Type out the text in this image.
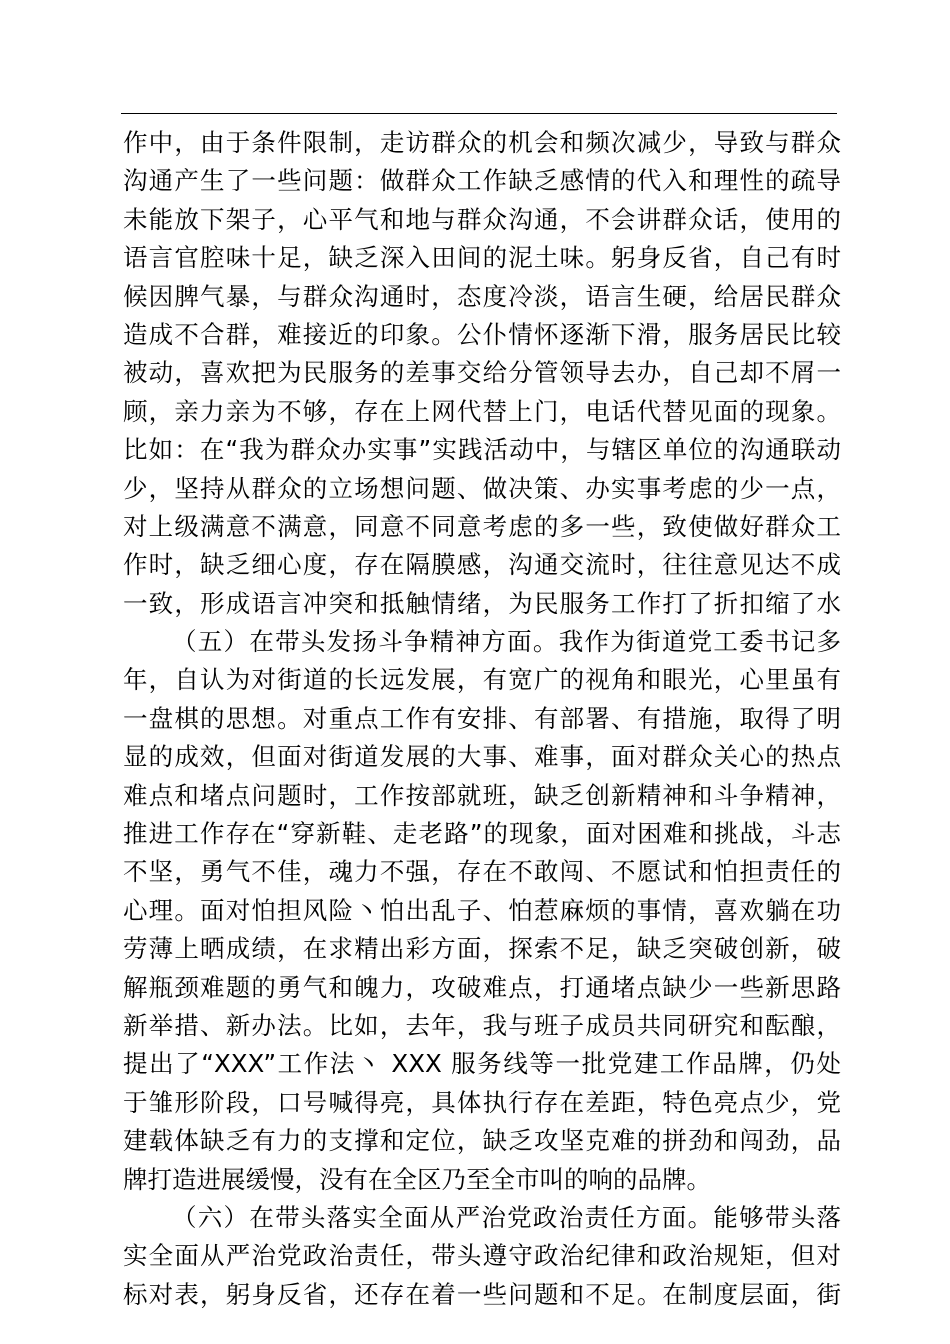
作中，由于条件限制，走访群众的机会和频次减少，导致与群众
沟通产生了一些问题：做群众工作缺乏感情的代入和理性的疏导
未能放下架子，心平气和地与群众沟通，不会讲群众话，使用的
语言官腔味十足，缺乏深入田间的泥土味。躬身反省，自己有时
候因脾气暴，与群众沟通时，态度冷淡，语言生硬，给居民群众
造成不合群，难接近的印象。公仆情怀逐渐下滑，服务居民比较
被动，喜欢把为民服务的差事交给分管领导去办，自己却不屑一
顾，亲力亲为不够，存在上网代替上门，电话代替见面的现象。
比如：在“我为群众办实事”实践活动中，与辖区单位的沟通联动
少，坚持从群众的立场想问题、做决策、办实事考虑的少一点，
对上级满意不满意，同意不同意考虑的多一些，致使做好群众工
作时，缺乏细心度，存在隔膜感，沟通交流时，往往意见达不成
一致，形成语言冲突和抵触情绪，为民服务工作打了折扣缩了水
（五）在带头发扬斗争精神方面。我作为街道党工委书记多
年，自认为对街道的长远发展，有宽广的视角和眼光，心里虽有
一盘棋的思想。对重点工作有安排、有部署、有措施，取得了明
显的成效，但面对街道发展的大事、难事，面对群众关心的热点
难点和堵点问题时，工作按部就班，缺乏创新精神和斗争精神，
推进工作存在“穿新鞋、走老路”的现象，面对困难和挑战，斗志
不坚，勇气不佳，魂力不强，存在不敢闯、不愿试和怕担责任的
心理。面对怕担风险丶怕出乱子、怕惹麻烦的事情，喜欢躺在功
劳薄上晒成绩，在求精出彩方面，探索不足，缺乏突破创新，破
解瓶颈难题的勇气和魄力，攻破难点，打通堵点缺少一些新思路
新举措、新办法。比如，去年，我与班子成员共同研究和酝酿，
提出了“XXX”工作法丶 XXX 服务线等一批党建工作品牌，仍处
于雏形阶段，口号喊得亮，具体执行存在差距，特色亮点少，党
建载体缺乏有力的支撑和定位，缺乏攻坚克难的拼劲和闯劲，品
牌打造进展缓慢，没有在全区乃至全市叫的响的品牌。
（六）在带头落实全面从严治党政治责任方面。能够带头落
实全面从严治党政治责任，带头遵守政治纪律和政治规矩，但对
标对表，躬身反省，还存在着一些问题和不足。在制度层面，街
